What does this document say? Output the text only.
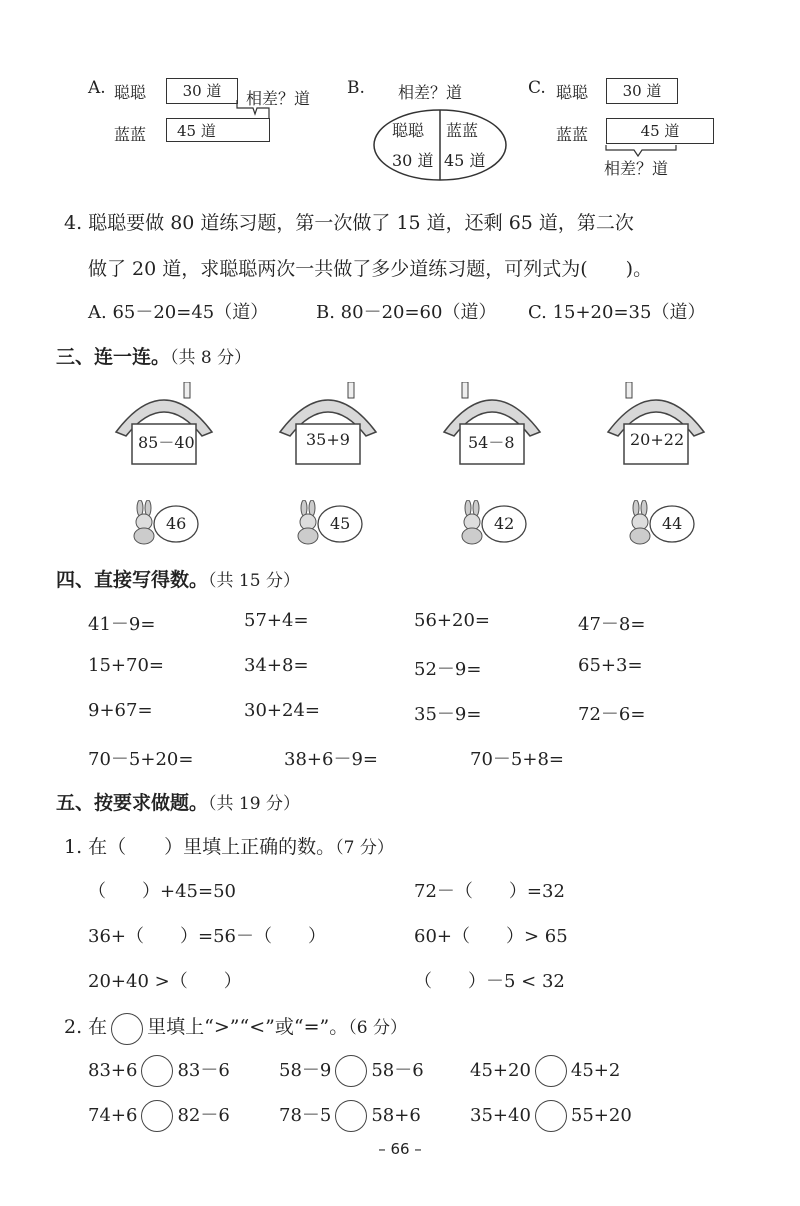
A. 聪聪	30 道	相差？道
蓝蓝	45 道
B. 相差？道
聪聪 蓝蓝
30 道 45 道
C. 聪聪	30 道
蓝蓝	45 道
相差？道
4. 聪聪要做 80 道练习题，第一次做了 15 道，还剩 65 道，第二次
做了 20 道，求聪聪两次一共做了多少道练习题，可列式为(　　)。
A. 65－20=45（道）	B. 80－20=60（道） C. 15+20=35（道）
三、连一连。（共 8 分）
85－40	35+9	54－8	20+22
46	45	42	44
四、直接写得数。（共 15 分）
41－9=	57+4=	56+20=	47－8=
15+70=	34+8=	52－9=	65+3=
9+67=	30+24=	35－9=	72－6=
70－5+20=	38+6－9=	70－5+8=
五、按要求做题。（共 19 分）
1. 在（　　）里填上正确的数。（7 分）
（　　）+45=50	72－（　　）=32
36+（　　）=56－（　　）	60+（　　）> 65
20+40 >（　　）	（　　）－5 < 32
2. 在 里填上“>”“<”或“=”。（6 分）
83+6 83－6	58－9 58－6	45+20 45+2
74+6 82－6	78－5 58+6	35+40 55+20
– 66 –
